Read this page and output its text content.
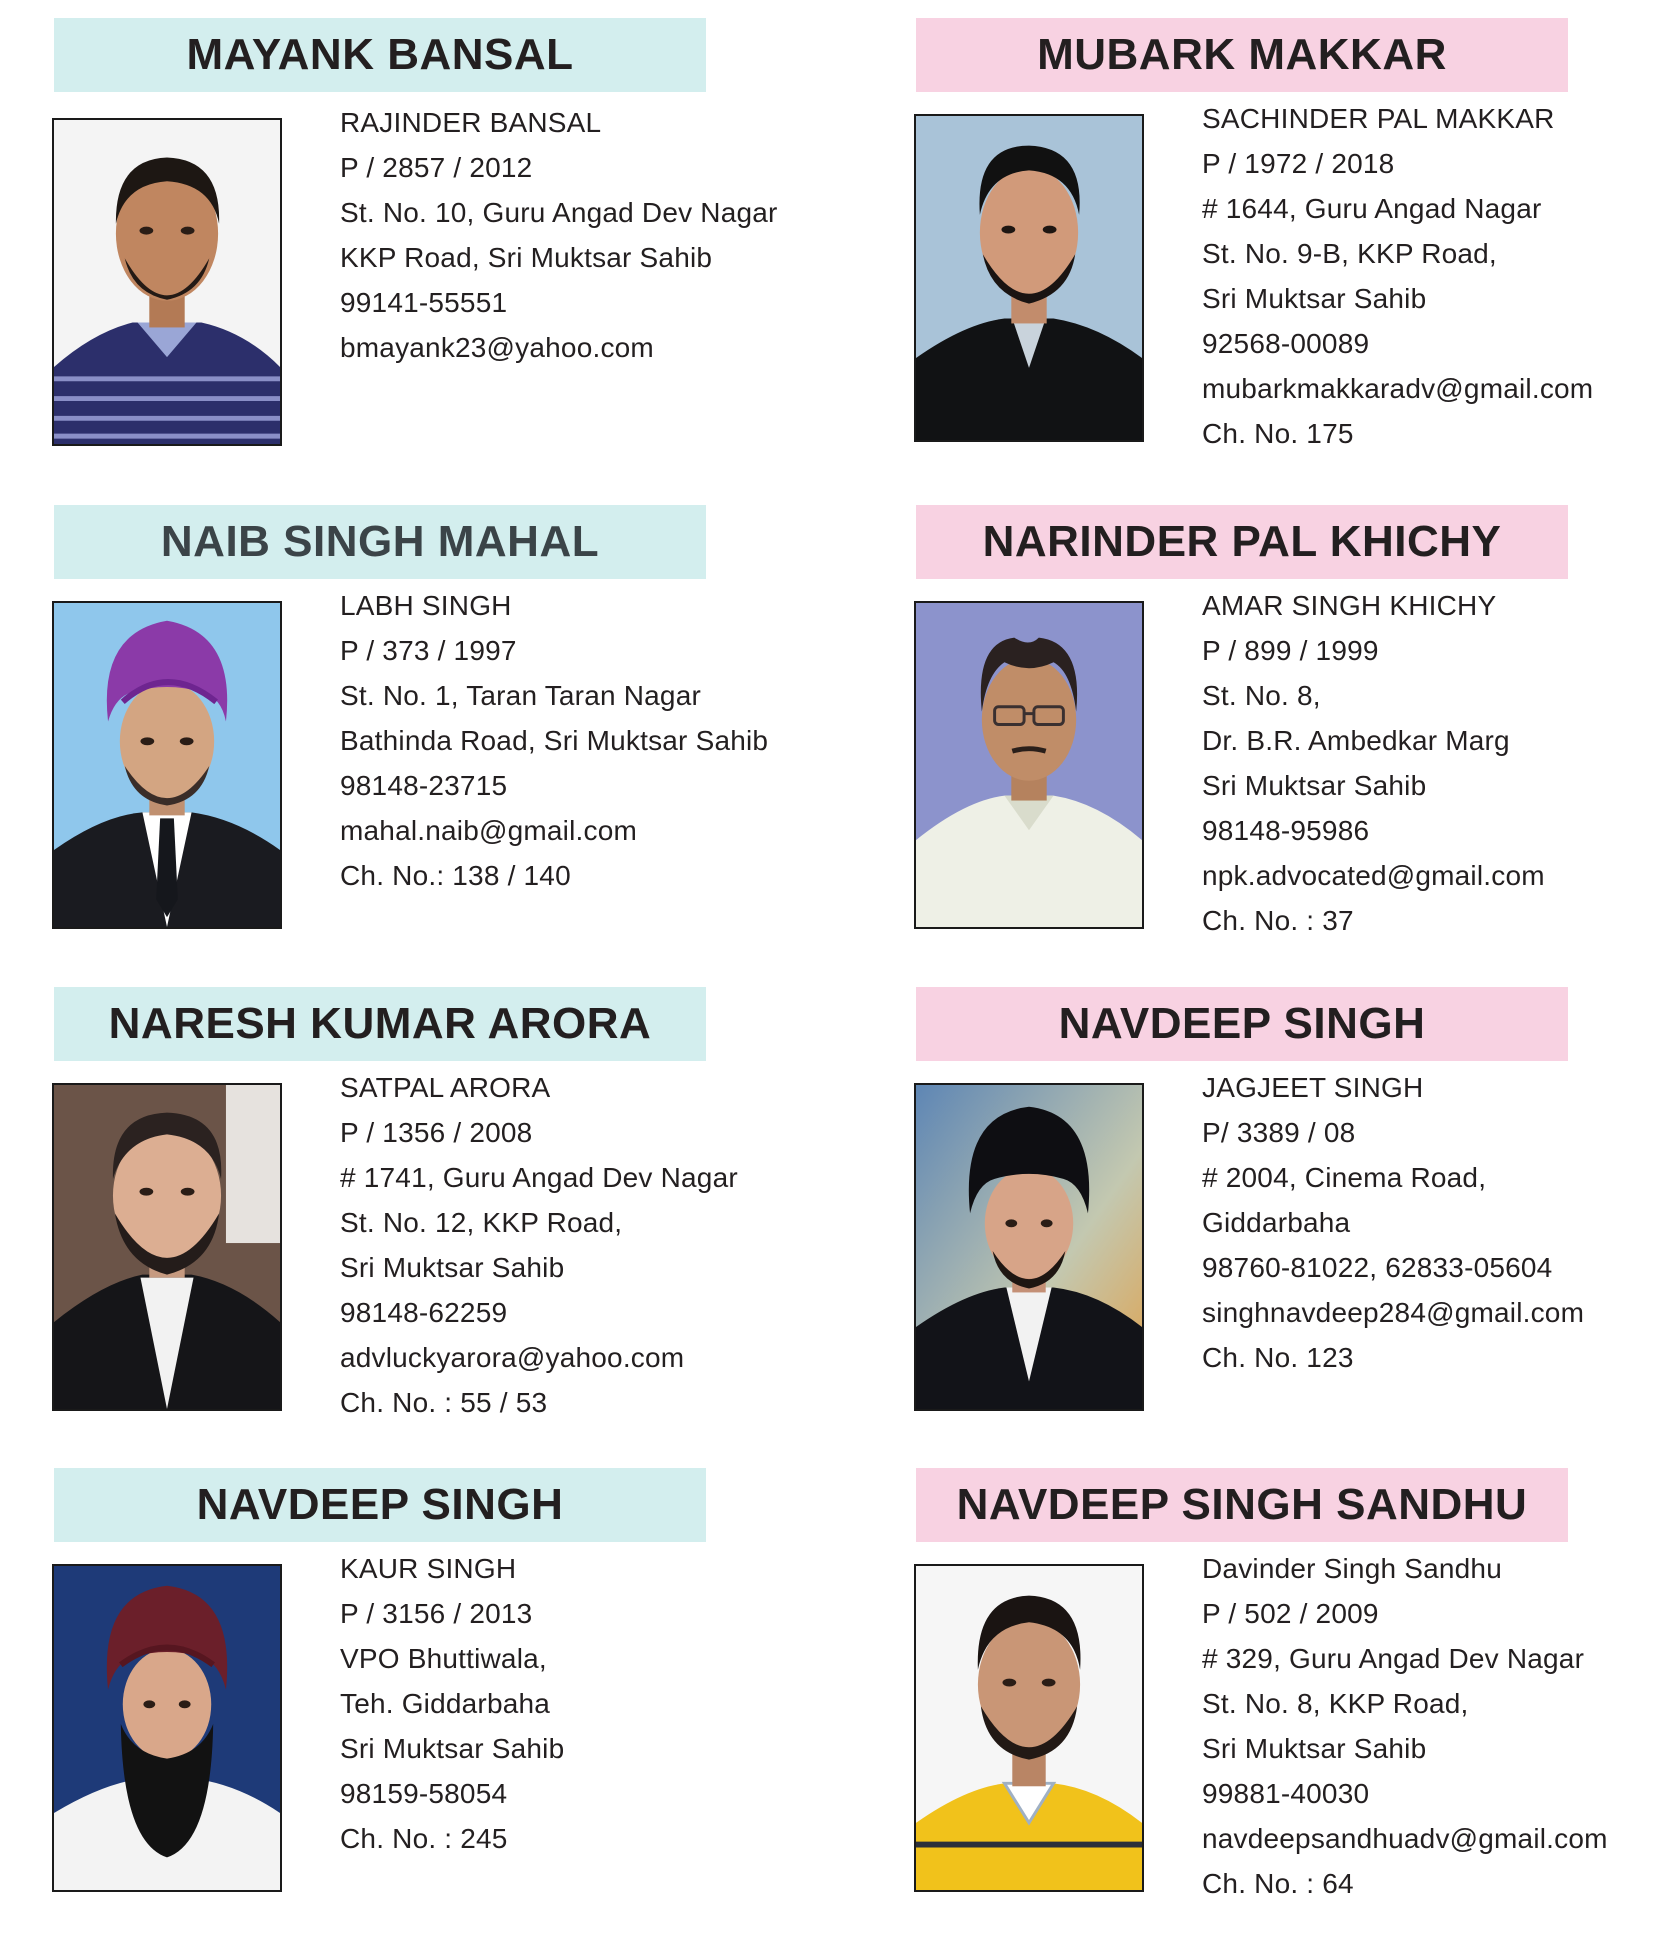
MAYANK BANSAL
RAJINDER BANSAL
P / 2857 / 2012
St. No. 10, Guru Angad Dev Nagar
KKP Road, Sri Muktsar Sahib
99141-55551
bmayank23@yahoo.com
MUBARK MAKKAR
SACHINDER PAL MAKKAR
P / 1972 / 2018
# 1644, Guru Angad Nagar
St. No. 9-B, KKP Road,
Sri Muktsar Sahib
92568-00089
mubarkmakkaradv@gmail.com
Ch. No. 175
NAIB SINGH MAHAL
LABH SINGH
P / 373 / 1997
St. No. 1, Taran Taran Nagar
Bathinda Road, Sri Muktsar Sahib
98148-23715
mahal.naib@gmail.com
Ch. No.: 138 / 140
NARINDER PAL KHICHY
AMAR SINGH KHICHY
P / 899 / 1999
St. No. 8,
Dr. B.R. Ambedkar Marg
Sri Muktsar Sahib
98148-95986
npk.advocated@gmail.com
Ch. No. : 37
NARESH KUMAR ARORA
SATPAL ARORA
P / 1356 / 2008
# 1741, Guru Angad Dev Nagar
St. No. 12, KKP Road,
Sri Muktsar Sahib
98148-62259
advluckyarora@yahoo.com
Ch. No. : 55 / 53
NAVDEEP SINGH
JAGJEET SINGH
P/ 3389 / 08
# 2004, Cinema Road,
Giddarbaha
98760-81022, 62833-05604
singhnavdeep284@gmail.com
Ch. No. 123
NAVDEEP SINGH
KAUR SINGH
P / 3156 / 2013
VPO Bhuttiwala,
Teh. Giddarbaha
Sri Muktsar Sahib
98159-58054
Ch. No. : 245
NAVDEEP SINGH SANDHU
Davinder Singh Sandhu
P / 502 / 2009
# 329, Guru Angad Dev Nagar
St. No. 8, KKP Road,
Sri Muktsar Sahib
99881-40030
navdeepsandhuadv@gmail.com
Ch. No. : 64
